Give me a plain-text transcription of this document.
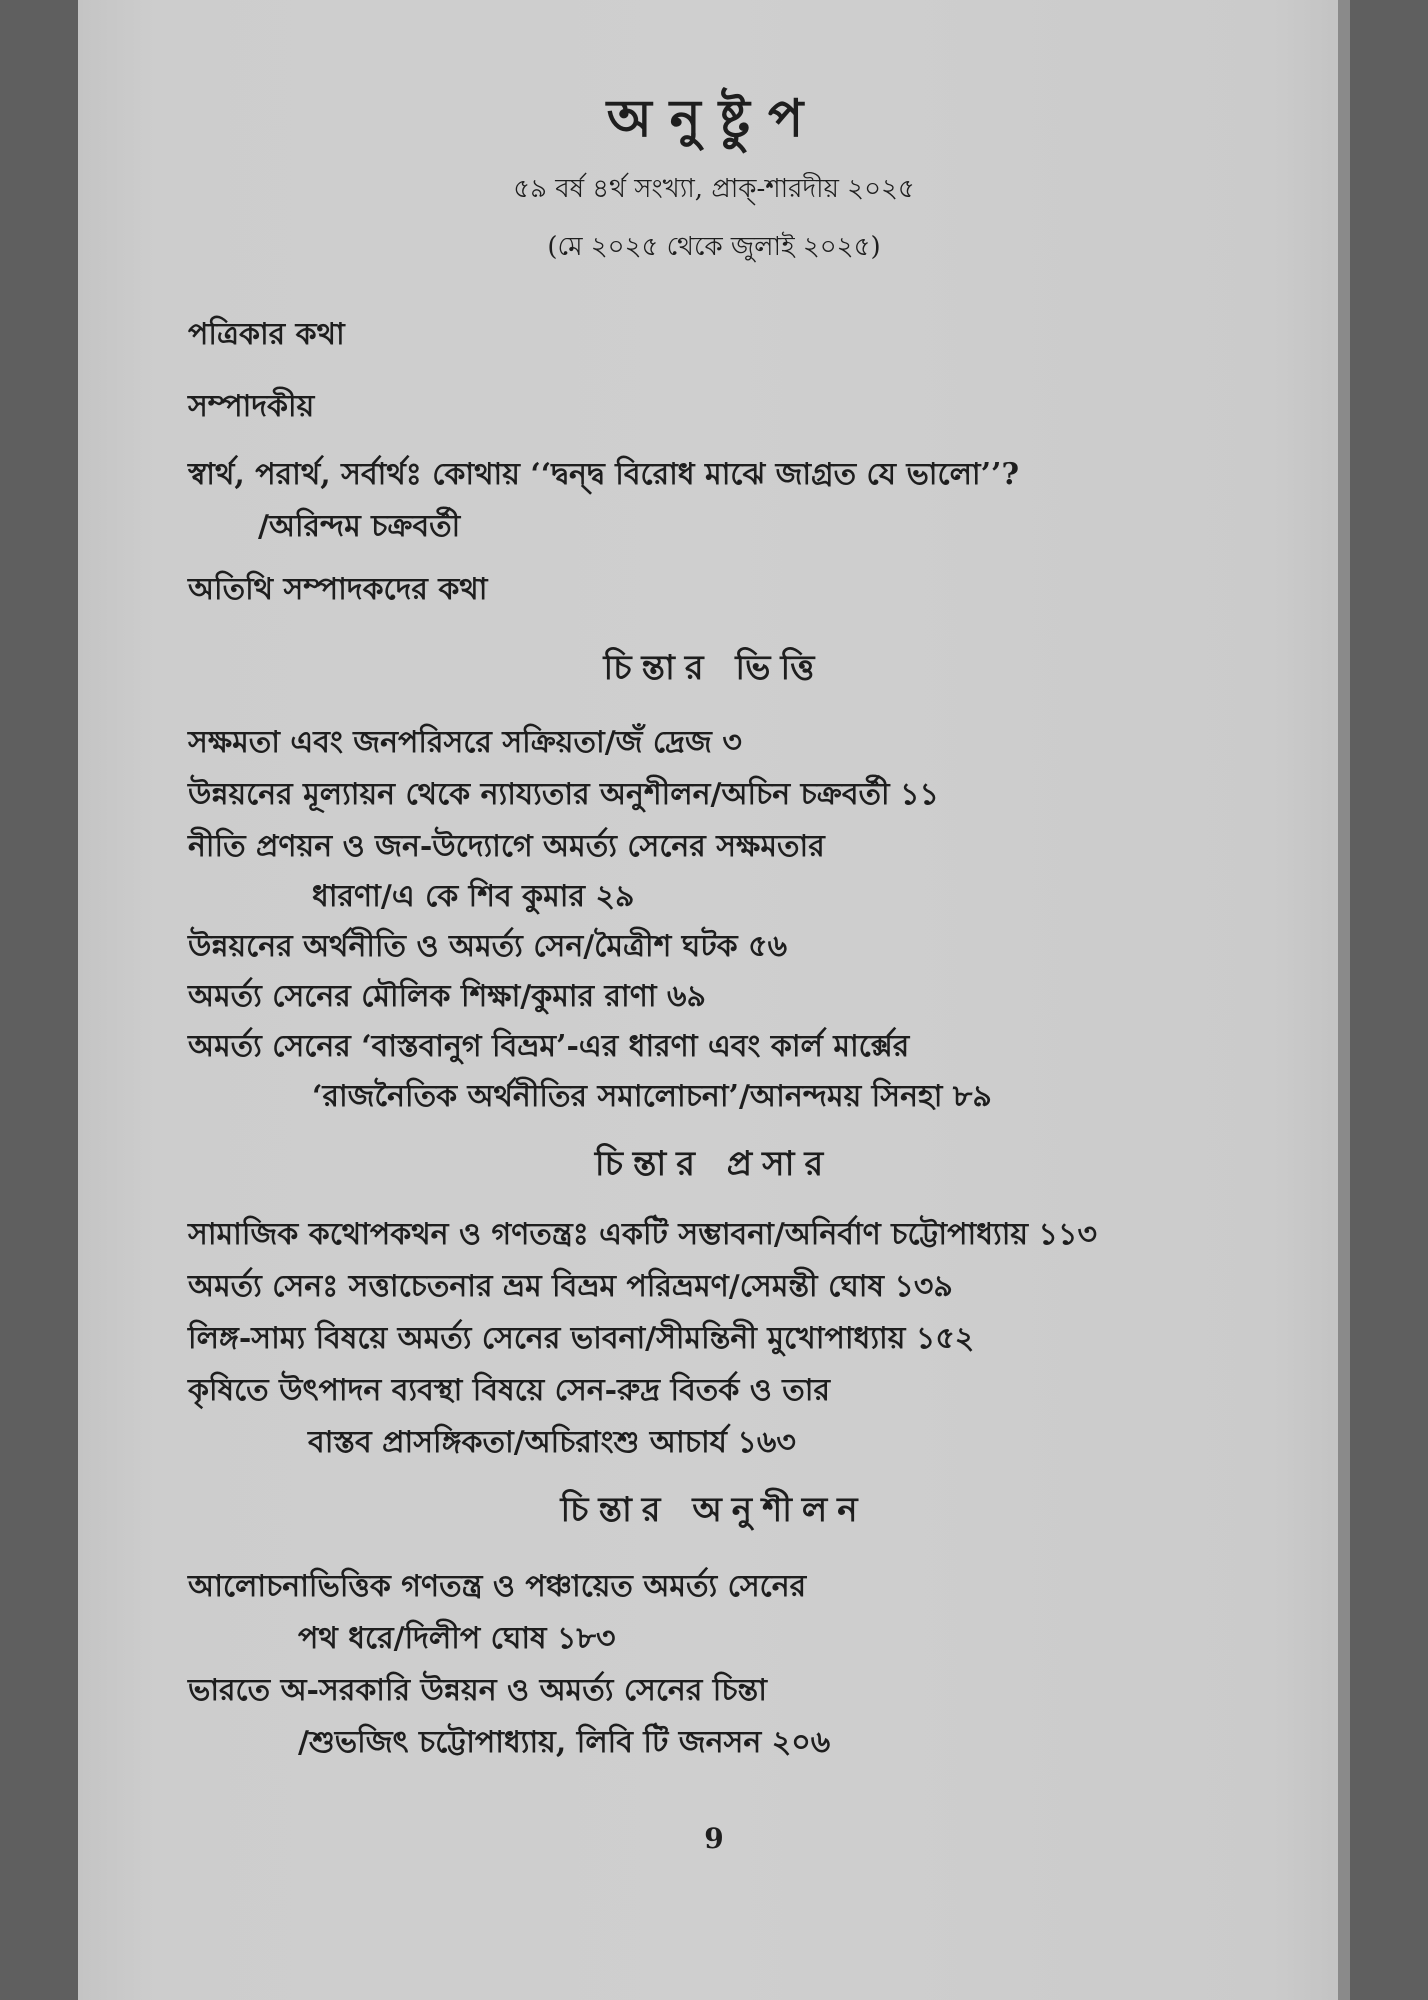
অনুষ্টুপ
৫৯ বর্ষ ৪র্থ সংখ্যা, প্রাক্‌-শারদীয় ২০২৫
(মে ২০২৫ থেকে জুলাই ২০২৫)
পত্রিকার কথা
সম্পাদকীয়
স্বার্থ, পরার্থ, সর্বার্থঃ কোথায় ‘‘দ্বন্দ্ব বিরোধ মাঝে জাগ্রত যে ভালো’’?
/অরিন্দম চক্রবর্তী
অতিথি সম্পাদকদের কথা
চিন্তার ভিত্তি
সক্ষমতা এবং জনপরিসরে সক্রিয়তা/জঁ দ্রেজ ৩
উন্নয়নের মূল্যায়ন থেকে ন্যায্যতার অনুশীলন/অচিন চক্রবর্তী ১১
নীতি প্রণয়ন ও জন-উদ্যোগে অমর্ত্য সেনের সক্ষমতার
ধারণা/এ কে শিব কুমার ২৯
উন্নয়নের অর্থনীতি ও অমর্ত্য সেন/মৈত্রীশ ঘটক ৫৬
অমর্ত্য সেনের মৌলিক শিক্ষা/কুমার রাণা ৬৯
অমর্ত্য সেনের ‘বাস্তবানুগ বিভ্রম’-এর ধারণা এবং কার্ল মার্ক্সের
‘রাজনৈতিক অর্থনীতির সমালোচনা’/আনন্দময় সিনহা ৮৯
চিন্তার প্রসার
সামাজিক কথোপকথন ও গণতন্ত্রঃ একটি সম্ভাবনা/অনির্বাণ চট্টোপাধ্যায় ১১৩
অমর্ত্য সেনঃ সত্তাচেতনার ভ্রম বিভ্রম পরিভ্রমণ/সেমন্তী ঘোষ ১৩৯
লিঙ্গ-সাম্য বিষয়ে অমর্ত্য সেনের ভাবনা/সীমন্তিনী মুখোপাধ্যায় ১৫২
কৃষিতে উৎপাদন ব্যবস্থা বিষয়ে সেন-রুদ্র বিতর্ক ও তার
বাস্তব প্রাসঙ্গিকতা/অচিরাংশু আচার্য ১৬৩
চিন্তার অনুশীলন
আলোচনাভিত্তিক গণতন্ত্র ও পঞ্চায়েত অমর্ত্য সেনের
পথ ধরে/দিলীপ ঘোষ ১৮৩
ভারতে অ-সরকারি উন্নয়ন ও অমর্ত্য সেনের চিন্তা
/শুভজিৎ চট্টোপাধ্যায়, লিবি টি জনসন ২০৬
9
